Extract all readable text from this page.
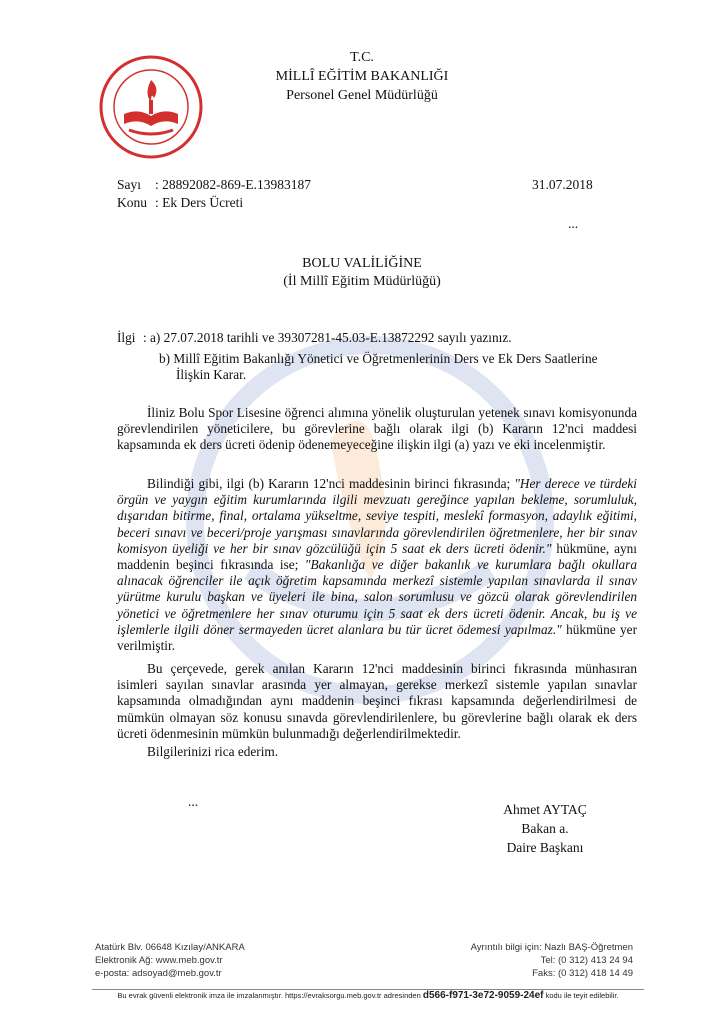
T.C.
MİLLÎ EĞİTİM BAKANLIĞI
Personel Genel Müdürlüğü
Sayı : 28892082-869-E.13983187	31.07.2018
Konu : Ek Ders Ücreti
...
BOLU VALİLİĞİNE
(İl Millî Eğitim Müdürlüğü)
İlgi : a) 27.07.2018 tarihli ve 39307281-45.03-E.13872292 sayılı yazınız.
b) Millî Eğitim Bakanlığı Yönetici ve Öğretmenlerinin Ders ve Ek Ders Saatlerine
İlişkin Karar.

İliniz Bolu Spor Lisesine öğrenci alımına yönelik oluşturulan yetenek sınavı komisyonunda görevlendirilen yöneticilere, bu görevlerine bağlı olarak ilgi (b) Kararın 12'nci maddesi kapsamında ek ders ücreti ödenip ödenemeyeceğine ilişkin ilgi (a) yazı ve eki incelenmiştir.

Bilindiği gibi, ilgi (b) Kararın 12'nci maddesinin birinci fıkrasında; "Her derece ve türdeki örgün ve yaygın eğitim kurumlarında ilgili mevzuatı gereğince yapılan bekleme, sorumluluk, dışarıdan bitirme, final, ortalama yükseltme, seviye tespiti, meslekî formasyon, adaylık eğitimi, beceri sınavı ve beceri/proje yarışması sınavlarında görevlendirilen öğretmenlere, her bir sınav komisyon üyeliği ve her bir sınav gözcülüğü için 5 saat ek ders ücreti ödenir." hükmüne, aynı maddenin beşinci fıkrasında ise; "Bakanlığa ve diğer bakanlık ve kurumlara bağlı okullara alınacak öğrenciler ile açık öğretim kapsamında merkezî sistemle yapılan sınavlarda il sınav yürütme kurulu başkan ve üyeleri ile bina, salon sorumlusu ve gözcü olarak görevlendirilen yönetici ve öğretmenlere her sınav oturumu için 5 saat ek ders ücreti ödenir. Ancak, bu iş ve işlemlerle ilgili döner sermayeden ücret alanlara bu tür ücret ödemesi yapılmaz." hükmüne yer verilmiştir.

Bu çerçevede, gerek anılan Kararın 12'nci maddesinin birinci fıkrasında münhasıran isimleri sayılan sınavlar arasında yer almayan, gerekse merkezî sistemle yapılan sınavlar kapsamında olmadığından aynı maddenin beşinci fıkrası kapsamında değerlendirilmesi de mümkün olmayan söz konusu sınavda görevlendirilenlere, bu görevlerine bağlı olarak ek ders ücreti ödenmesinin mümkün bulunmadığı değerlendirilmektedir.

Bilgilerinizi rica ederim.

...
Ahmet AYTAÇ
Bakan a.
Daire Başkanı
Atatürk Blv. 06648 Kızılay/ANKARA
Elektronik Ağ: www.meb.gov.tr
e-posta: adsoyad@meb.gov.tr
Ayrıntılı bilgi için: Nazlı BAŞ-Öğretmen
Tel: (0 312) 413 24 94
Faks: (0 312) 418 14 49
Bu evrak güvenli elektronik imza ile imzalanmıştır. https://evraksorgu.meb.gov.tr adresinden d566-f971-3e72-9059-24ef kodu ile teyit edilebilir.
